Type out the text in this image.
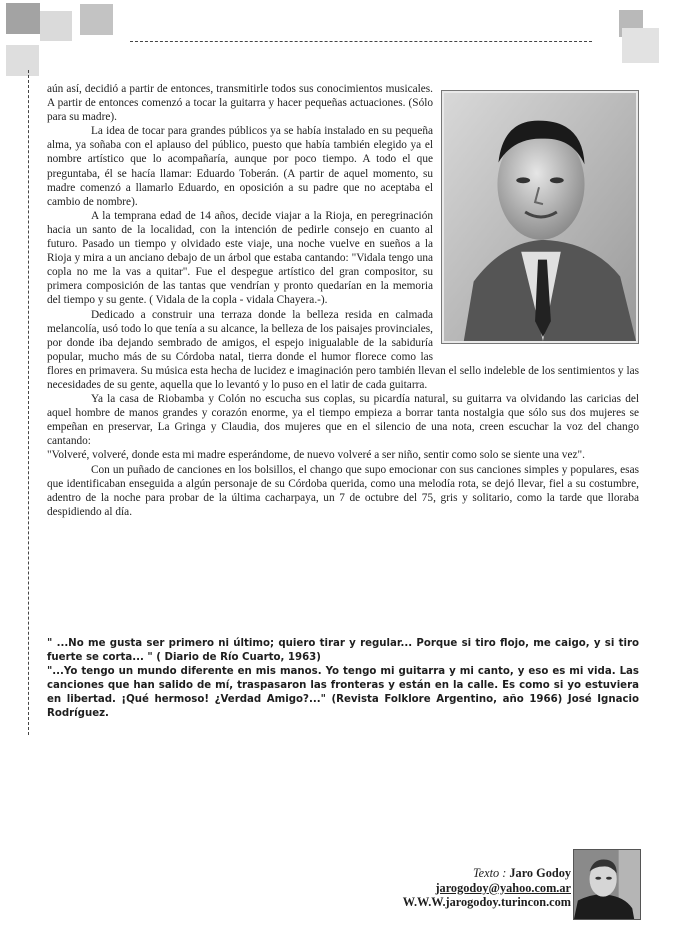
aún así, decidió a partir de entonces, transmitirle todos sus conocimientos musicales. A partir de entonces comenzó a tocar la guitarra y hacer pequeñas actuaciones. (Sólo para su madre).

La idea de tocar para grandes públicos ya se había instalado en su pequeña alma, ya soñaba con el aplauso del público, puesto que había también elegido ya el nombre artístico que lo acompañaría, aunque por poco tiempo. A todo el que preguntaba, él se hacía llamar: Eduardo Toberán. (A partir de aquel momento, su madre comenzó a llamarlo Eduardo, en oposición a su padre que no aceptaba el cambio de nombre).

A la temprana edad de 14 años, decide viajar a la Rioja, en peregrinación hacia un santo de la localidad, con la intención de pedirle consejo en cuanto al futuro. Pasado un tiempo y olvidado este viaje, una noche vuelve en sueños a la Rioja y mira a un anciano debajo de un árbol que estaba cantando: "Vidala tengo una copla no me la vas a quitar". Fue el despegue artístico del gran compositor, su primera composición de las tantas que vendrían y pronto quedarían en la memoria del tiempo y su gente. ( Vidala de la copla - vidala Chayera.-).

Dedicado a construir una terraza donde la belleza resida en calmada melancolía, usó todo lo que tenía a su alcance, la belleza de los paisajes provinciales, por donde iba dejando sembrado de amigos, el espejo inigualable de la sabiduría popular, mucho más de su Córdoba natal, tierra donde el humor florece como las flores en primavera. Su música esta hecha de lucidez e imaginación pero también llevan el sello indeleble de los sentimientos y las necesidades de su gente, aquella que lo levantó y lo puso en el latir de cada guitarra.

Ya la casa de Riobamba y Colón no escucha sus coplas, su picardía natural, su guitarra va olvidando las caricias del aquel hombre de manos grandes y corazón enorme, ya el tiempo empieza a borrar tanta nostalgia que sólo sus dos mujeres se empeñan en preservar, La Gringa y Claudia, dos mujeres que en el silencio de una nota, creen escuchar la voz del chango cantando:

"Volveré, volveré, donde esta mi madre esperándome, de nuevo volveré a ser niño, sentir como solo se siente una vez".

Con un puñado de canciones en los bolsillos, el chango que supo emocionar con sus canciones simples y populares, esas que identificaban enseguida a algún personaje de su Córdoba querida, como una melodía rota, se dejó llevar, fiel a su costumbre, adentro de la noche para probar de la última cacharpaya, un 7 de octubre del 75, gris y solitario, como la tarde que lloraba despidiendo al día.

" ...No me gusta ser primero ni último; quiero tirar y regular... Porque si tiro flojo, me caigo, y si tiro fuerte se corta... " ( Diario de Río Cuarto, 1963)

"...Yo tengo un mundo diferente en mis manos. Yo tengo mi guitarra y mi canto, y eso es mi vida. Las canciones que han salido de mí, traspasaron las fronteras y están en la calle. Es como si yo estuviera en libertad. ¡Qué hermoso! ¿Verdad Amigo?..." (Revista Folklore Argentino, año 1966) José Ignacio Rodríguez.

Texto : Jaro Godoy
jarogodoy@yahoo.com.ar
W.W.W.jarogodoy.turincon.com
